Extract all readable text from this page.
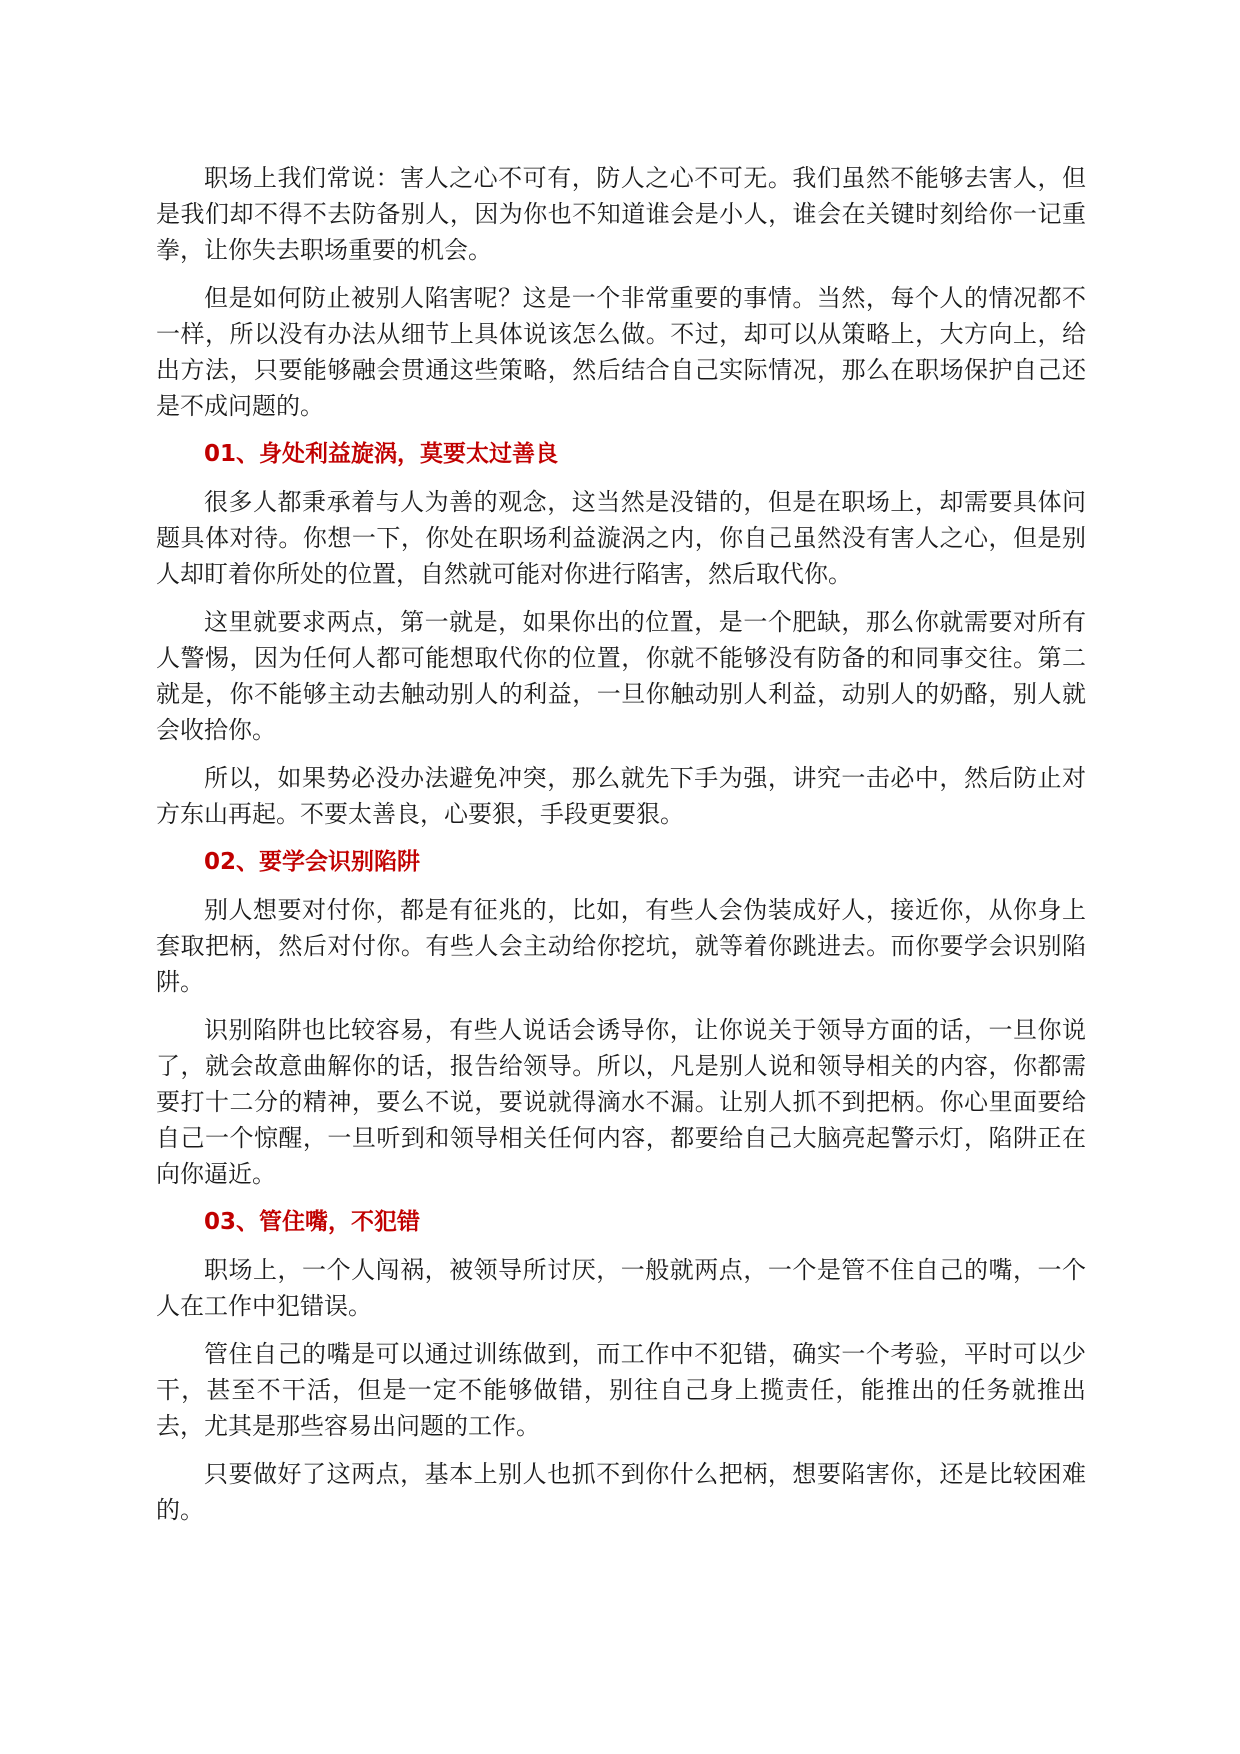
职场上我们常说：害人之心不可有，防人之心不可无。我们虽然不能够去害人，但是我们却不得不去防备别人，因为你也不知道谁会是小人，谁会在关键时刻给你一记重拳，让你失去职场重要的机会。

但是如何防止被别人陷害呢？这是一个非常重要的事情。当然，每个人的情况都不一样，所以没有办法从细节上具体说该怎么做。不过，却可以从策略上，大方向上，给出方法，只要能够融会贯通这些策略，然后结合自己实际情况，那么在职场保护自己还是不成问题的。

01、身处利益旋涡，莫要太过善良

很多人都秉承着与人为善的观念，这当然是没错的，但是在职场上，却需要具体问题具体对待。你想一下，你处在职场利益漩涡之内，你自己虽然没有害人之心，但是别人却盯着你所处的位置，自然就可能对你进行陷害，然后取代你。

这里就要求两点，第一就是，如果你出的位置，是一个肥缺，那么你就需要对所有人警惕，因为任何人都可能想取代你的位置，你就不能够没有防备的和同事交往。第二就是，你不能够主动去触动别人的利益，一旦你触动别人利益，动别人的奶酪，别人就会收拾你。

所以，如果势必没办法避免冲突，那么就先下手为强，讲究一击必中，然后防止对方东山再起。不要太善良，心要狠，手段更要狠。

02、要学会识别陷阱

别人想要对付你，都是有征兆的，比如，有些人会伪装成好人，接近你，从你身上套取把柄，然后对付你。有些人会主动给你挖坑，就等着你跳进去。而你要学会识别陷阱。

识别陷阱也比较容易，有些人说话会诱导你，让你说关于领导方面的话，一旦你说了，就会故意曲解你的话，报告给领导。所以，凡是别人说和领导相关的内容，你都需要打十二分的精神，要么不说，要说就得滴水不漏。让别人抓不到把柄。你心里面要给自己一个惊醒，一旦听到和领导相关任何内容，都要给自己大脑亮起警示灯，陷阱正在向你逼近。

03、管住嘴，不犯错

职场上，一个人闯祸，被领导所讨厌，一般就两点，一个是管不住自己的嘴，一个人在工作中犯错误。

管住自己的嘴是可以通过训练做到，而工作中不犯错，确实一个考验，平时可以少干，甚至不干活，但是一定不能够做错，别往自己身上揽责任，能推出的任务就推出去，尤其是那些容易出问题的工作。

只要做好了这两点，基本上别人也抓不到你什么把柄，想要陷害你，还是比较困难的。
